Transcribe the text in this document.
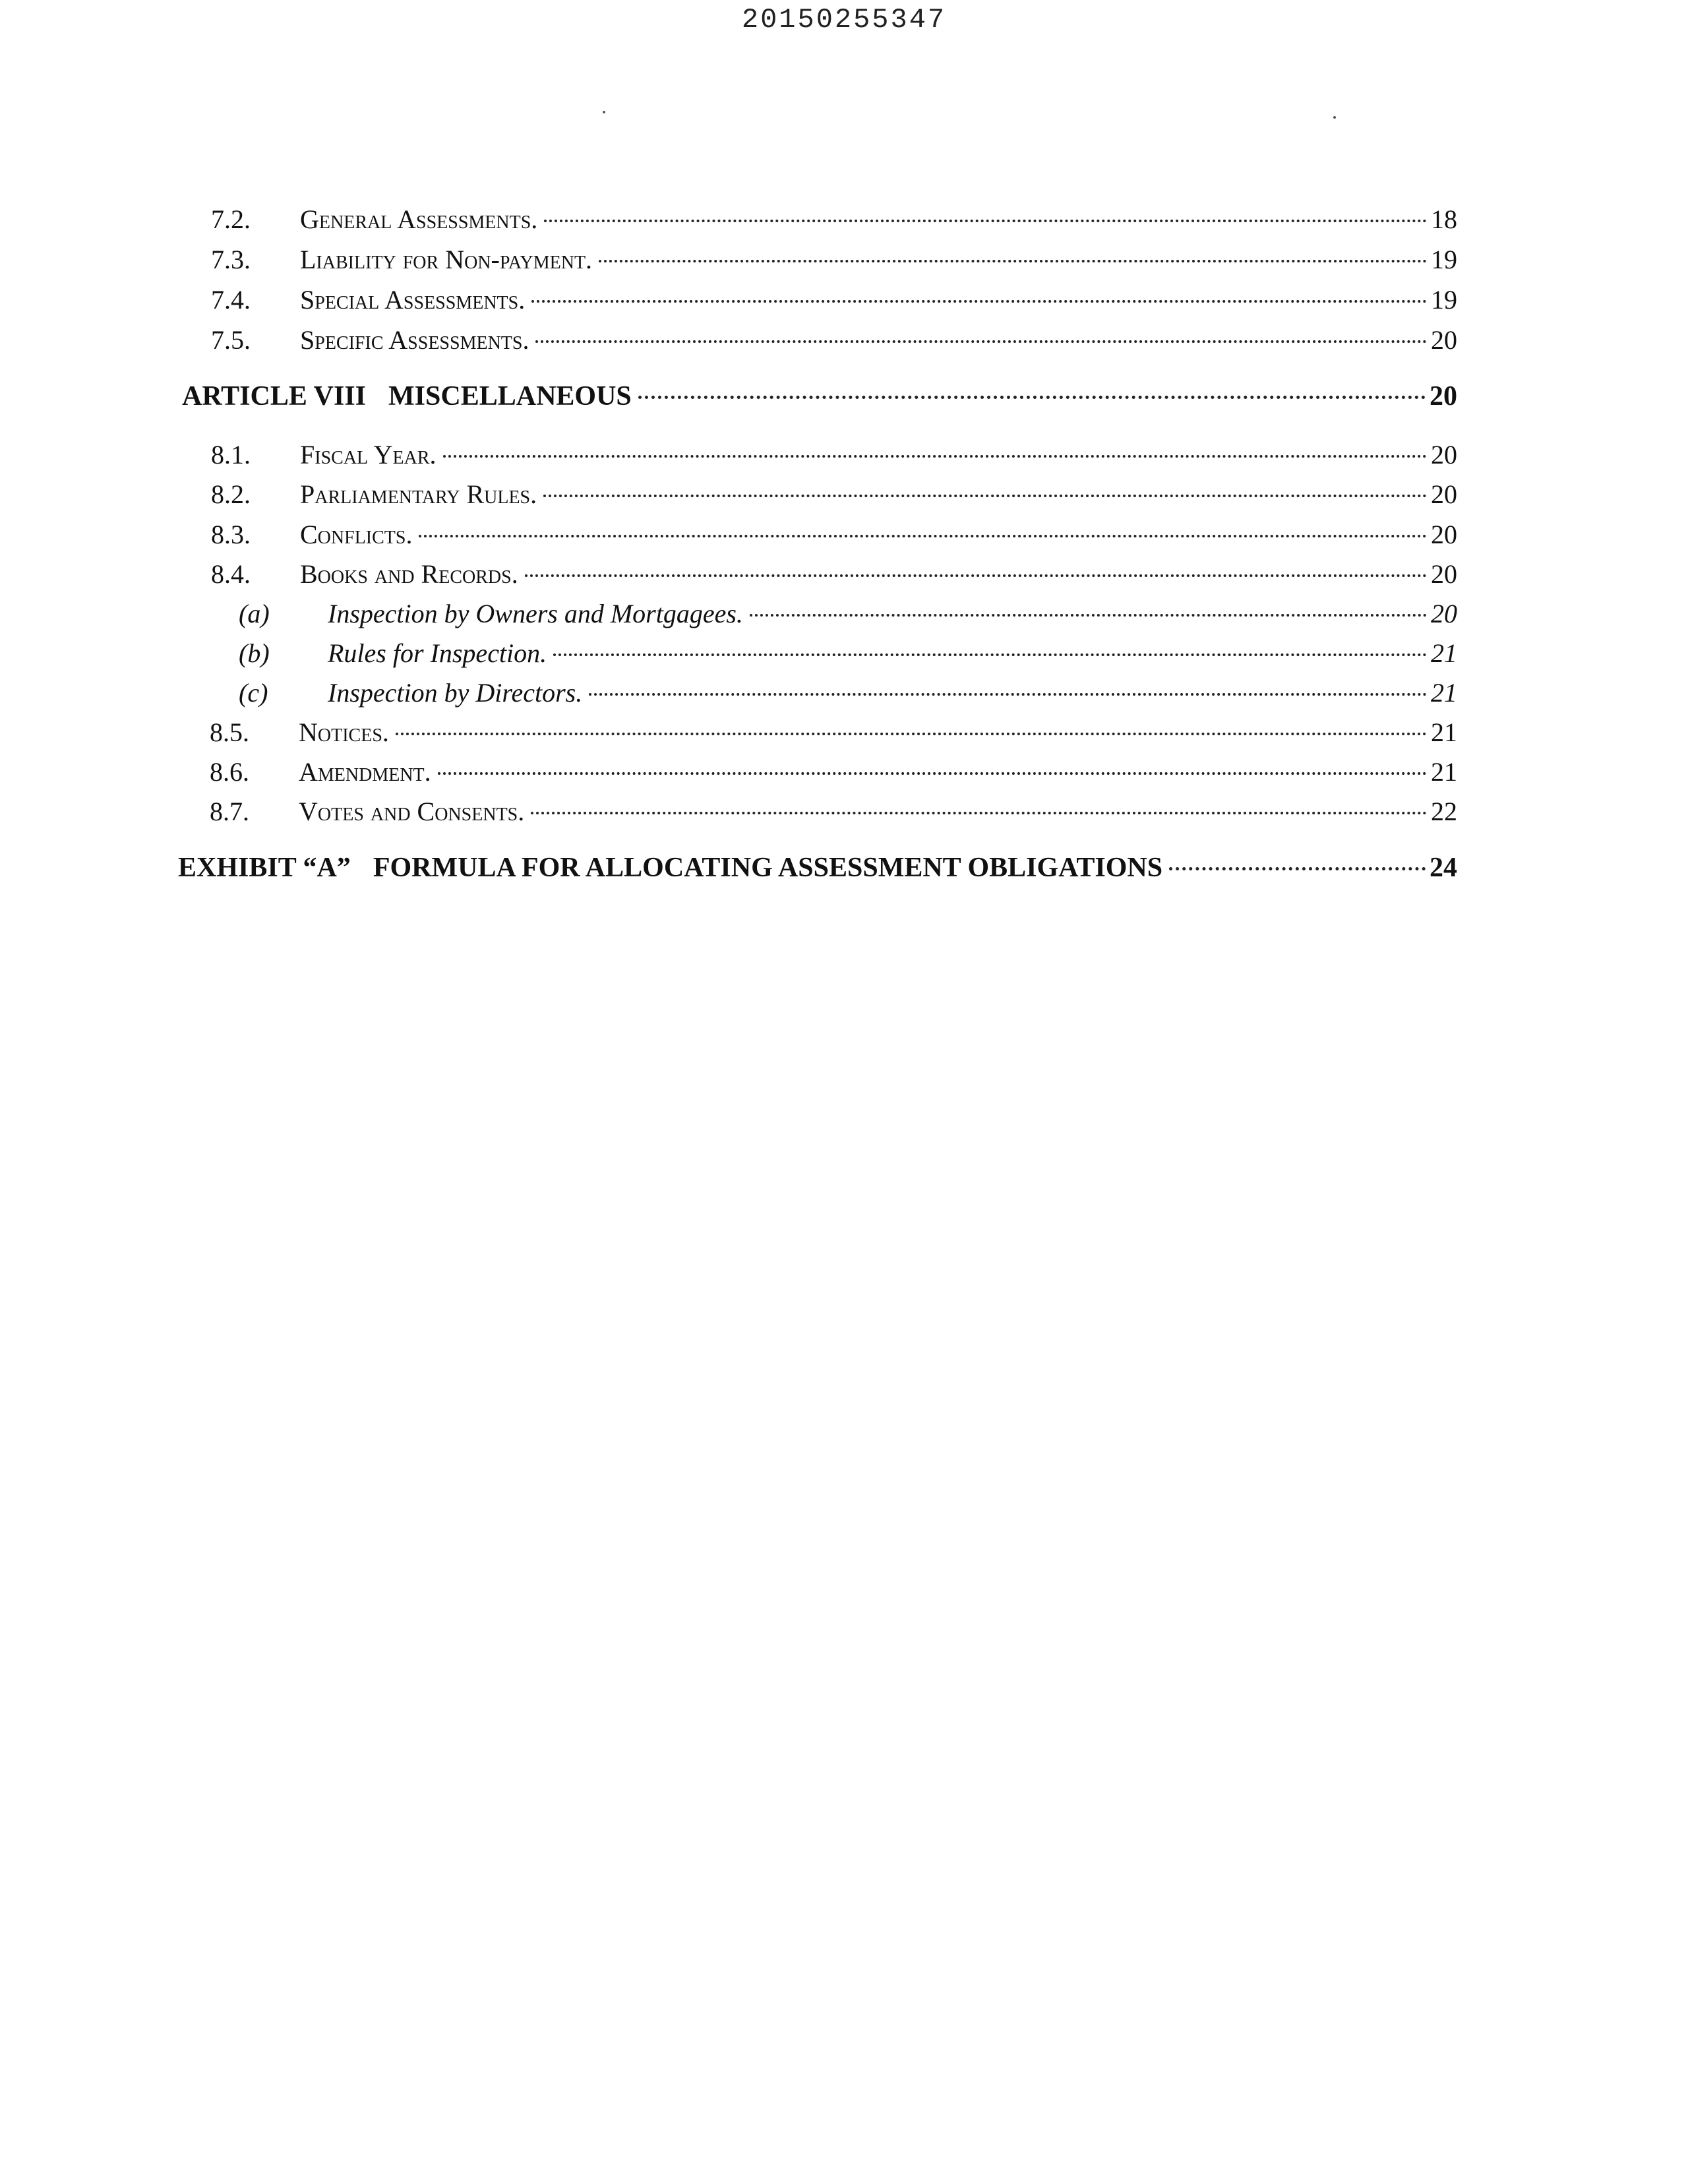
20150255347
7.2.	General Assessments.	18
7.3.	Liability for Non-payment.	19
7.4.	Special Assessments.	19
7.5.	Specific Assessments.	20
ARTICLE VIII MISCELLANEOUS	20
8.1.	Fiscal Year.	20
8.2.	Parliamentary Rules.	20
8.3.	Conflicts.	20
8.4.	Books and Records.	20
(a)	Inspection by Owners and Mortgagees.	20
(b)	Rules for Inspection.	21
(c)	Inspection by Directors.	21
8.5.	Notices.	21
8.6.	Amendment.	21
8.7.	Votes and Consents.	22
EXHIBIT “A” FORMULA FOR ALLOCATING ASSESSMENT OBLIGATIONS	24
